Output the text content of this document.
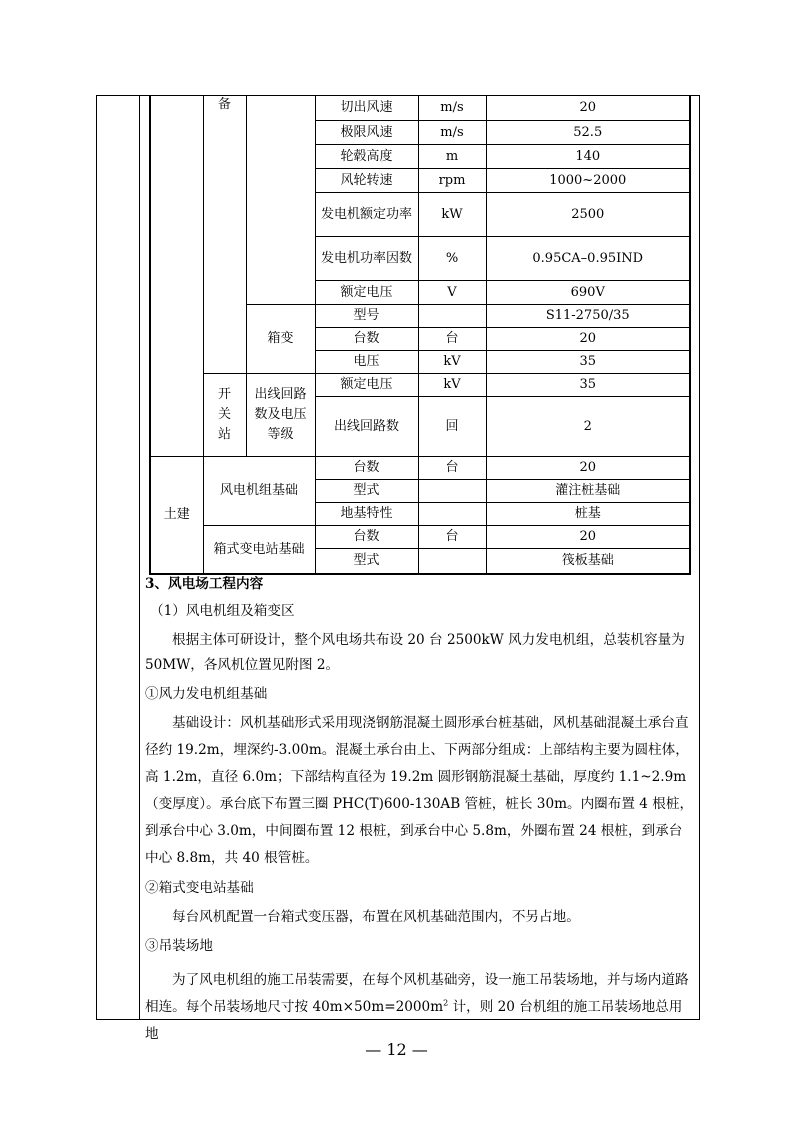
	备		切出风速	m/s	20
			极限风速	m/s	52.5
			轮毂高度	m	140
			风轮转速	rpm	1000~2000
			发电机额定功率	kW	2500
			发电机功率因数	%	0.95CA–0.95IND
			额定电压	V	690V
		箱变	型号		S11-2750/35
			台数	台	20
			电压	kV	35
	开关站	出线回路数及电压等级	额定电压	kV	35
			出线回路数	回	2
土建	风电机组基础		台数	台	20
			型式		灌注桩基础
			地基特性		桩基
	箱式变电站基础		台数	台	20
			型式		筏板基础

3、风电场工程内容

（1）风电机组及箱变区

根据主体可研设计，整个风电场共布设 20 台 2500kW 风力发电机组，总装机容量为 50MW，各风机位置见附图 2。

①风力发电机组基础

基础设计：风机基础形式采用现浇钢筋混凝土圆形承台桩基础，风机基础混凝土承台直径约 19.2m，埋深约-3.00m。混凝土承台由上、下两部分组成：上部结构主要为圆柱体，高 1.2m，直径 6.0m；下部结构直径为 19.2m 圆形钢筋混凝土基础，厚度约 1.1~2.9m（变厚度）。承台底下布置三圈 PHC(T)600-130AB 管桩，桩长 30m。内圈布置 4 根桩，到承台中心 3.0m，中间圈布置 12 根桩，到承台中心 5.8m，外圈布置 24 根桩，到承台中心 8.8m，共 40 根管桩。

②箱式变电站基础

每台风机配置一台箱式变压器，布置在风机基础范围内，不另占地。

③吊装场地

为了风电机组的施工吊装需要，在每个风机基础旁，设一施工吊装场地，并与场内道路相连。每个吊装场地尺寸按 $40m\times 50m=2000m^2$ 计，则 20 台机组的施工吊装场地总用地

— 12 —
